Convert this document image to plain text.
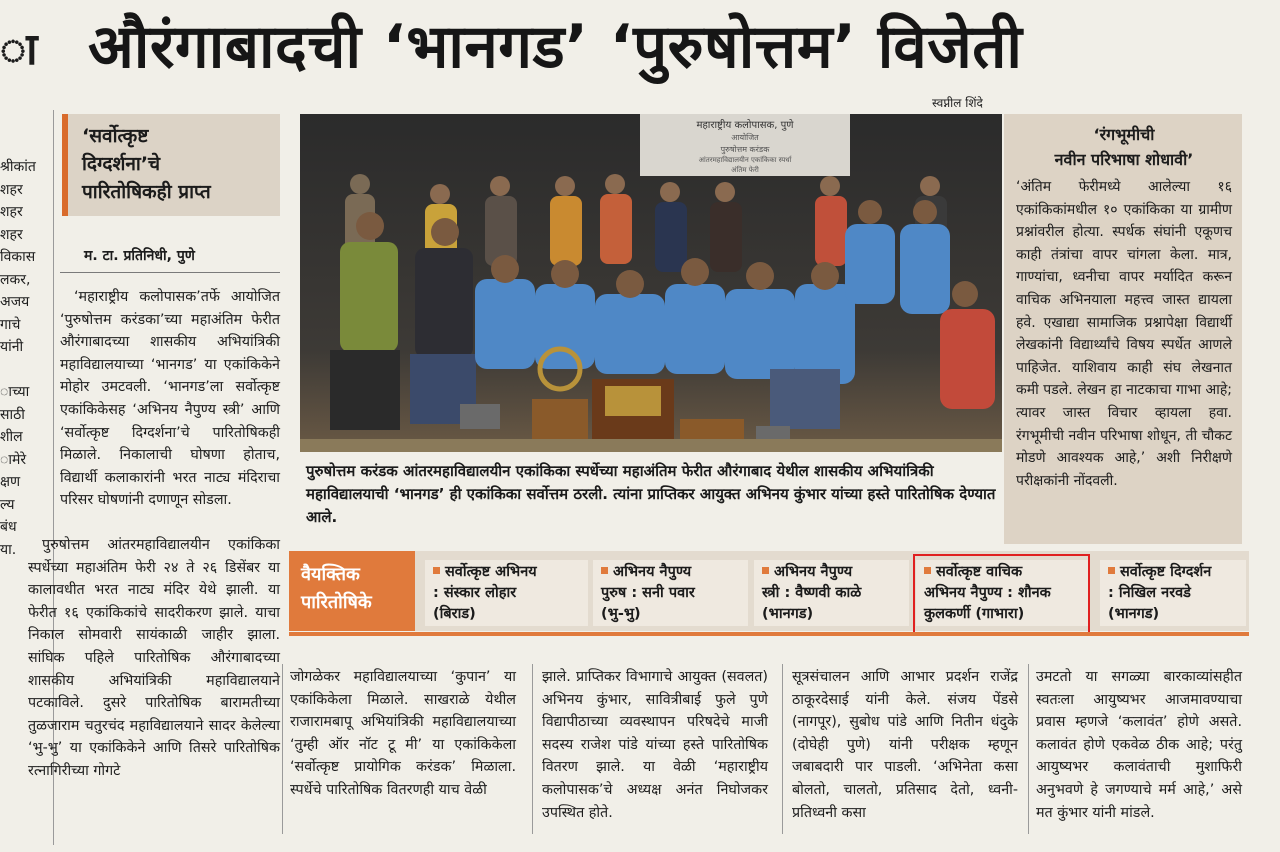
ा
श्रीकांत
शहर
शहर
शहर
विकास
लकर,
अजय
गाचे
यांनी

ाच्या
साठी
शील
ामेरे
क्षण
ल्य
बंध
या.
औरंगाबादची ‘भानगड’ ‘पुरुषोत्तम’ विजेती
स्वप्नील शिंदे
‘सर्वोत्कृष्ट
दिग्दर्शना’चे
पारितोषिकही प्राप्त
म. टा. प्रतिनिधी, पुणे

‘महाराष्ट्रीय कलोपासक’तर्फे आयोजित ‘पुरुषोत्तम करंडका’च्या महाअंतिम फेरीत औरंगाबादच्या शासकीय अभियांत्रिकी महाविद्यालयाच्या ‘भानगड’ या एकांकिकेने मोहोर उमटवली. ‘भानगड’ला सर्वोत्कृष्ट एकांकिकेसह ‘अभिनय नैपुण्य स्त्री’ आणि ‘सर्वोत्कृष्ट दिग्दर्शना’चे पारितोषिकही मिळाले. निकालाची घोषणा होताच, विद्यार्थी कलाकारांनी भरत नाट्य मंदिराचा परिसर घोषणांनी दणाणून सोडला.

पुरुषोत्तम आंतरमहाविद्यालयीन एकांकिका स्पर्धेच्या महाअंतिम फेरी २४ ते २६ डिसेंबर या कालावधीत भरत नाट्य मंदिर येथे झाली. या फेरीत १६ एकांकिकांचे सादरीकरण झाले. याचा निकाल सोमवारी सायंकाळी जाहीर झाला. सांघिक पहिले पारितोषिक औरंगाबादच्या शासकीय अभियांत्रिकी महाविद्यालयाने पटकाविले. दुसरे पारितोषिक बारामतीच्या तुळजाराम चतुरचंद महाविद्यालयाने सादर केलेल्या ‘भु-भु’ या एकांकिकेने आणि तिसरे पारितोषिक रत्नागिरीच्या गोगटे

महाराष्ट्रीय कलोपासक, पुणे
आयोजित
पुरुषोत्तम करंडक
आंतरमहाविद्यालयीन एकांकिका स्पर्धा
अंतिम फेरी
पुरुषोत्तम करंडक आंतरमहाविद्यालयीन एकांकिका स्पर्धेच्या महाअंतिम फेरीत औरंगाबाद येथील शासकीय अभियांत्रिकी महाविद्यालयाची ‘भानगड’ ही एकांकिका सर्वोत्तम ठरली. त्यांना प्राप्तिकर आयुक्त अभिनय कुंभार यांच्या हस्ते पारितोषिक देण्यात आले.
‘रंगभूमीची
नवीन परिभाषा शोधावी’
‘अंतिम फेरीमध्ये आलेल्या १६ एकांकिकांमधील १० एकांकिका या ग्रामीण प्रश्नांवरील होत्या. स्पर्धक संघांनी एकूणच काही तंत्रांचा वापर चांगला केला. मात्र, गाण्यांचा, ध्वनीचा वापर मर्यादित करून वाचिक अभिनयाला महत्त्व जास्त द्यायला हवे. एखाद्या सामाजिक प्रश्नापेक्षा विद्यार्थी लेखकांनी विद्यार्थ्यांचे विषय स्पर्धेत आणले पाहिजेत. याशिवाय काही संघ लेखनात कमी पडले. लेखन हा नाटकाचा गाभा आहे; त्यावर जास्त विचार व्हायला हवा. रंगभूमीची नवीन परिभाषा शोधून, ती चौकट मोडणे आवश्यक आहे,’ अशी निरीक्षणे परीक्षकांनी नोंदवली.
वैयक्तिक
पारितोषिके
सर्वोत्कृष्ट अभिनय
: संस्कार लोहार
(बिराड)
अभिनय नैपुण्य
पुरुष : सनी पवार
(भु-भु)
अभिनय नैपुण्य
स्त्री : वैष्णवी काळे
(भानगड)
सर्वोत्कृष्ट वाचिक
अभिनय नैपुण्य : शौनक
कुलकर्णी (गाभारा)
सर्वोत्कृष्ट दिग्दर्शन
: निखिल नरवडे
(भानगड)

जोगळेकर महाविद्यालयाच्या ‘कुपान’ या एकांकिकेला मिळाले. साखराळे येथील राजारामबापू अभियांत्रिकी महाविद्यालयाच्या ‘तुम्ही ऑर नॉट टू मी’ या एकांकिकेला ‘सर्वोत्कृष्ट प्रायोगिक करंडक’ मिळाला. स्पर्धेचे पारितोषिक वितरणही याच वेळी

झाले. प्राप्तिकर विभागाचे आयुक्त (सवलत) अभिनय कुंभार, सावित्रीबाई फुले पुणे विद्यापीठाच्या व्यवस्थापन परिषदेचे माजी सदस्य राजेश पांडे यांच्या हस्ते पारितोषिक वितरण झाले. या वेळी ‘महाराष्ट्रीय कलोपासक’चे अध्यक्ष अनंत निघोजकर उपस्थित होते.

सूत्रसंचालन आणि आभार प्रदर्शन राजेंद्र ठाकूरदेसाई यांनी केले. संजय पेंडसे (नागपूर), सुबोध पांडे आणि नितीन धंदुके (दोघेही पुणे) यांनी परीक्षक म्हणून जबाबदारी पार पाडली. ‘अभिनेता कसा बोलतो, चालतो, प्रतिसाद देतो, ध्वनी-प्रतिध्वनी कसा

उमटतो या सगळ्या बारकाव्यांसहीत स्वतःला आयुष्यभर आजमावण्याचा प्रवास म्हणजे ‘कलावंत’ होणे असते. कलावंत होणे एकवेळ ठीक आहे; परंतु आयुष्यभर कलावंताची मुशाफिरी अनुभवणे हे जगण्याचे मर्म आहे,’ असे मत कुंभार यांनी मांडले.
